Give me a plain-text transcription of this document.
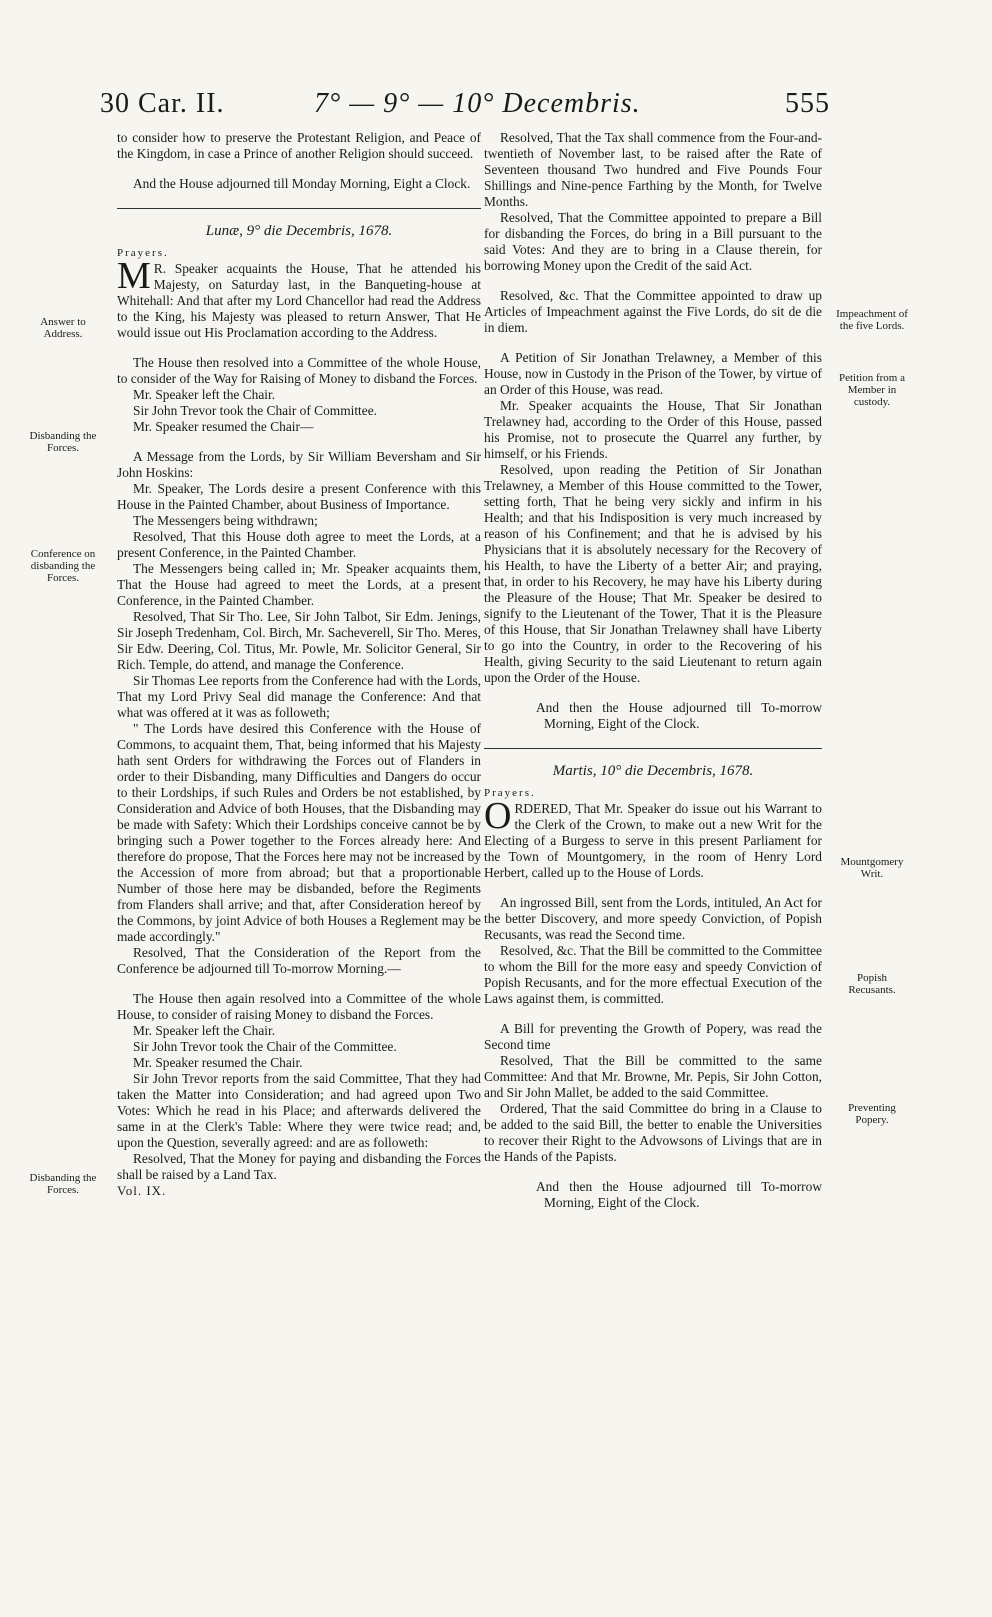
30 Car. II.	7° — 9° — 10° Decembris.	555
Answer to Address.
Disbanding the Forces.
Conference on disbanding the Forces.
Disbanding the Forces.
Impeachment of the five Lords.
Petition from a Member in custody.
Mountgomery Writ.
Popish Recusants.
Preventing Popery.

to consider how to preserve the Protestant Religion, and Peace of the Kingdom, in case a Prince of another Religion should succeed.

And the House adjourned till Monday Morning, Eight a Clock.

Lunæ, 9° die Decembris, 1678.

Prayers.

M R. Speaker acquaints the House, That he attended his Majesty, on Saturday last, in the Banqueting-house at Whitehall: And that after my Lord Chancellor had read the Address to the King, his Majesty was pleased to return Answer, That He would issue out His Proclamation according to the Address.

The House then resolved into a Committee of the whole House, to consider of the Way for Raising of Money to disband the Forces.

Mr. Speaker left the Chair.

Sir John Trevor took the Chair of Committee.

Mr. Speaker resumed the Chair—

A Message from the Lords, by Sir William Beversham and Sir John Hoskins:

Mr. Speaker, The Lords desire a present Conference with this House in the Painted Chamber, about Business of Importance.

The Messengers being withdrawn;

Resolved, That this House doth agree to meet the Lords, at a present Conference, in the Painted Chamber.

The Messengers being called in; Mr. Speaker acquaints them, That the House had agreed to meet the Lords, at a present Conference, in the Painted Chamber.

Resolved, That Sir Tho. Lee, Sir John Talbot, Sir Edm. Jenings, Sir Joseph Tredenham, Col. Birch, Mr. Sacheverell, Sir Tho. Meres, Sir Edw. Deering, Col. Titus, Mr. Powle, Mr. Solicitor General, Sir Rich. Temple, do attend, and manage the Conference.

Sir Thomas Lee reports from the Conference had with the Lords, That my Lord Privy Seal did manage the Conference: And that what was offered at it was as followeth;

" The Lords have desired this Conference with the House of Commons, to acquaint them, That, being informed that his Majesty hath sent Orders for withdrawing the Forces out of Flanders in order to their Disbanding, many Difficulties and Dangers do occur to their Lordships, if such Rules and Orders be not established, by Consideration and Advice of both Houses, that the Disbanding may be made with Safety: Which their Lordships conceive cannot be by bringing such a Power together to the Forces already here: And therefore do propose, That the Forces here may not be increased by the Accession of more from abroad; but that a proportionable Number of those here may be disbanded, before the Regiments from Flanders shall arrive; and that, after Consideration hereof by the Commons, by joint Advice of both Houses a Reglement may be made accordingly."

Resolved, That the Consideration of the Report from the Conference be adjourned till To-morrow Morning.—

The House then again resolved into a Committee of the whole House, to consider of raising Money to disband the Forces.

Mr. Speaker left the Chair.

Sir John Trevor took the Chair of the Committee.

Mr. Speaker resumed the Chair.

Sir John Trevor reports from the said Committee, That they had taken the Matter into Consideration; and had agreed upon Two Votes: Which he read in his Place; and afterwards delivered the same in at the Clerk's Table: Where they were twice read; and, upon the Question, severally agreed: and are as followeth:

Resolved, That the Money for paying and disbanding the Forces shall be raised by a Land Tax.

Vol. IX.

Resolved, That the Tax shall commence from the Four-and-twentieth of November last, to be raised after the Rate of Seventeen thousand Two hundred and Five Pounds Four Shillings and Nine-pence Farthing by the Month, for Twelve Months.

Resolved, That the Committee appointed to prepare a Bill for disbanding the Forces, do bring in a Bill pursuant to the said Votes: And they are to bring in a Clause therein, for borrowing Money upon the Credit of the said Act.

Resolved, &c. That the Committee appointed to draw up Articles of Impeachment against the Five Lords, do sit de die in diem.

A Petition of Sir Jonathan Trelawney, a Member of this House, now in Custody in the Prison of the Tower, by virtue of an Order of this House, was read.

Mr. Speaker acquaints the House, That Sir Jonathan Trelawney had, according to the Order of this House, passed his Promise, not to prosecute the Quarrel any further, by himself, or his Friends.

Resolved, upon reading the Petition of Sir Jonathan Trelawney, a Member of this House committed to the Tower, setting forth, That he being very sickly and infirm in his Health; and that his Indisposition is very much increased by reason of his Confinement; and that he is advised by his Physicians that it is absolutely necessary for the Recovery of his Health, to have the Liberty of a better Air; and praying, that, in order to his Recovery, he may have his Liberty during the Pleasure of the House; That Mr. Speaker be desired to signify to the Lieutenant of the Tower, That it is the Pleasure of this House, that Sir Jonathan Trelawney shall have Liberty to go into the Country, in order to the Recovering of his Health, giving Security to the said Lieutenant to return again upon the Order of the House.

And then the House adjourned till To-morrow Morning, Eight of the Clock.

Martis, 10° die Decembris, 1678.

Prayers.

ORDERED, That Mr. Speaker do issue out his Warrant to the Clerk of the Crown, to make out a new Writ for the Electing of a Burgess to serve in this present Parliament for the Town of Mountgomery, in the room of Henry Lord Herbert, called up to the House of Lords.

An ingrossed Bill, sent from the Lords, intituled, An Act for the better Discovery, and more speedy Conviction, of Popish Recusants, was read the Second time.

Resolved, &c. That the Bill be committed to the Committee to whom the Bill for the more easy and speedy Conviction of Popish Recusants, and for the more effectual Execution of the Laws against them, is committed.

A Bill for preventing the Growth of Popery, was read the Second time

Resolved, That the Bill be committed to the same Committee: And that Mr. Browne, Mr. Pepis, Sir John Cotton, and Sir John Mallet, be added to the said Committee.

Ordered, That the said Committee do bring in a Clause to be added to the said Bill, the better to enable the Universities to recover their Right to the Advowsons of Livings that are in the Hands of the Papists.

And then the House adjourned till To-morrow Morning, Eight of the Clock.
